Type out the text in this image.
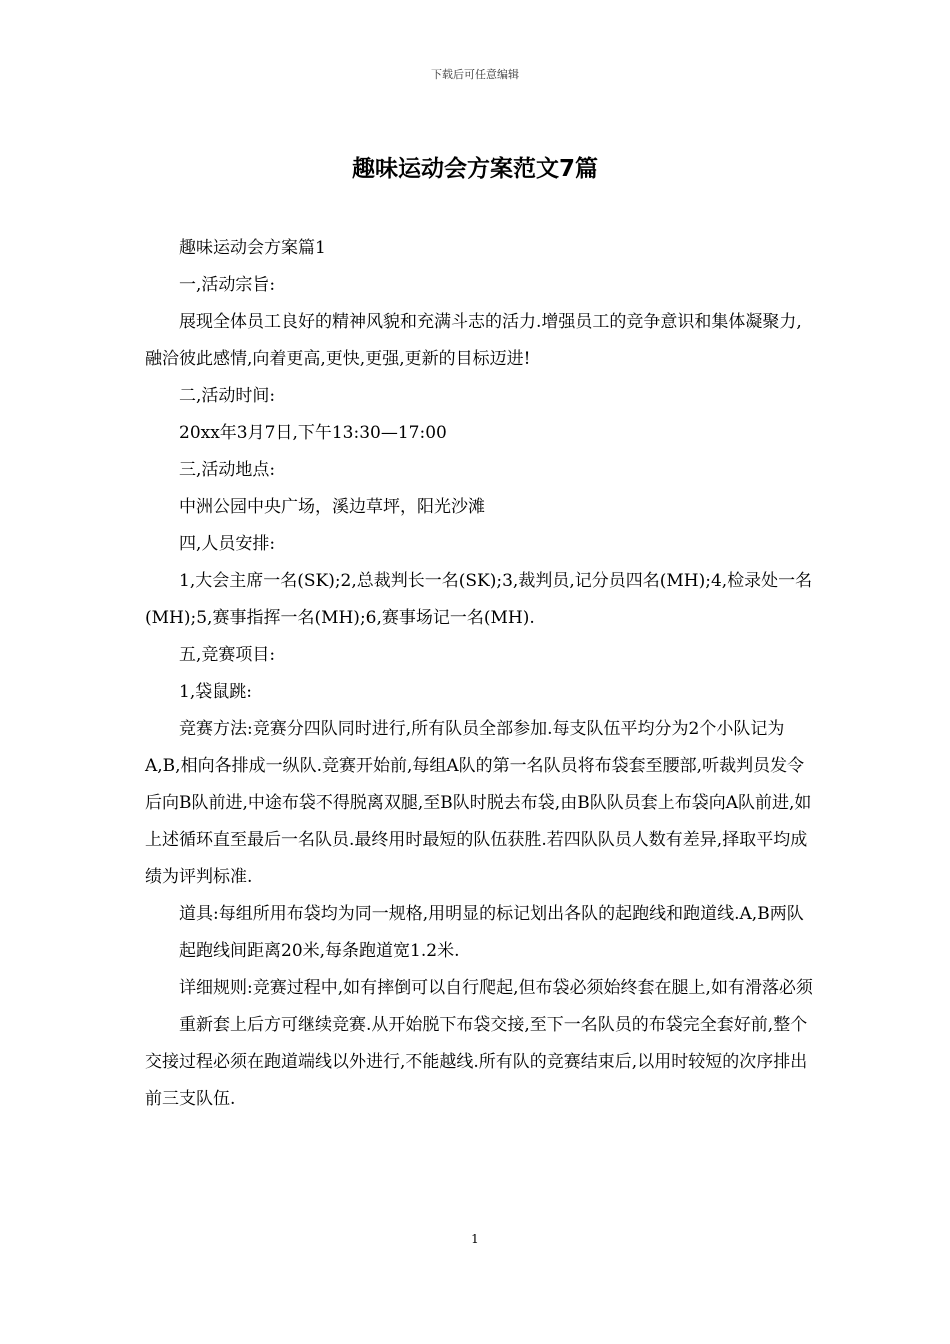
下载后可任意编辑
趣味运动会方案范文7篇

趣味运动会方案篇1

一,活动宗旨:

展现全体员工良好的精神风貌和充满斗志的活力.增强员工的竞争意识和集体凝聚力,融洽彼此感情,向着更高,更快,更强,更新的目标迈进!

二,活动时间:

20xx年3月7日,下午13:30—17:00

三,活动地点:

中洲公园中央广场，溪边草坪，阳光沙滩

四,人员安排:

1,大会主席一名(SK);2,总裁判长一名(SK);3,裁判员,记分员四名(MH);4,检录处一名(MH);5,赛事指挥一名(MH);6,赛事场记一名(MH).

五,竞赛项目:

1,袋鼠跳:

竞赛方法:竞赛分四队同时进行,所有队员全部参加.每支队伍平均分为2个小队记为A,B,相向各排成一纵队.竞赛开始前,每组A队的第一名队员将布袋套至腰部,听裁判员发令后向B队前进,中途布袋不得脱离双腿,至B队时脱去布袋,由B队队员套上布袋向A队前进,如上述循环直至最后一名队员.最终用时最短的队伍获胜.若四队队员人数有差异,择取平均成绩为评判标准.

道具:每组所用布袋均为同一规格,用明显的标记划出各队的起跑线和跑道线.A,B两队

起跑线间距离20米,每条跑道宽1.2米.

详细规则:竞赛过程中,如有摔倒可以自行爬起,但布袋必须始终套在腿上,如有滑落必须

重新套上后方可继续竞赛.从开始脱下布袋交接,至下一名队员的布袋完全套好前,整个交接过程必须在跑道端线以外进行,不能越线.所有队的竞赛结束后,以用时较短的次序排出前三支队伍.

1
